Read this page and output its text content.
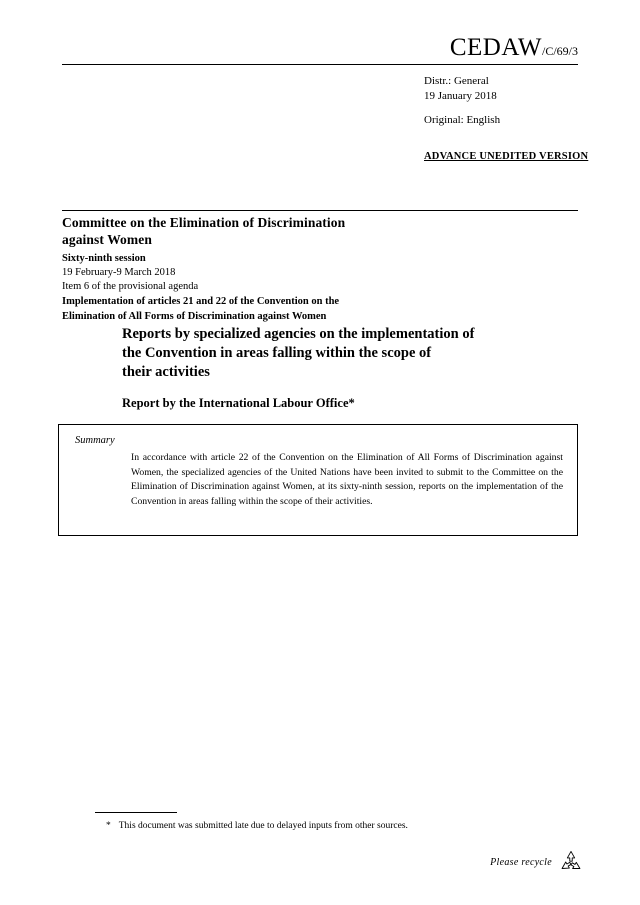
CEDAW/C/69/3
Distr.: General
19 January 2018
Original: English
ADVANCE UNEDITED VERSION
Committee on the Elimination of Discrimination
against Women
Sixty-ninth session
19 February-9 March 2018
Item 6 of the provisional agenda
Implementation of articles 21 and 22 of the Convention on the
Elimination of All Forms of Discrimination against Women
Reports by specialized agencies on the implementation of
the Convention in areas falling within the scope of
their activities
Report by the International Labour Office*
Summary
In accordance with article 22 of the Convention on the Elimination of All Forms of Discrimination against Women, the specialized agencies of the United Nations have been invited to submit to the Committee on the Elimination of Discrimination against Women, at its sixty-ninth session, reports on the implementation of the Convention in areas falling within the scope of their activities.
* This document was submitted late due to delayed inputs from other sources.
Please recycle
